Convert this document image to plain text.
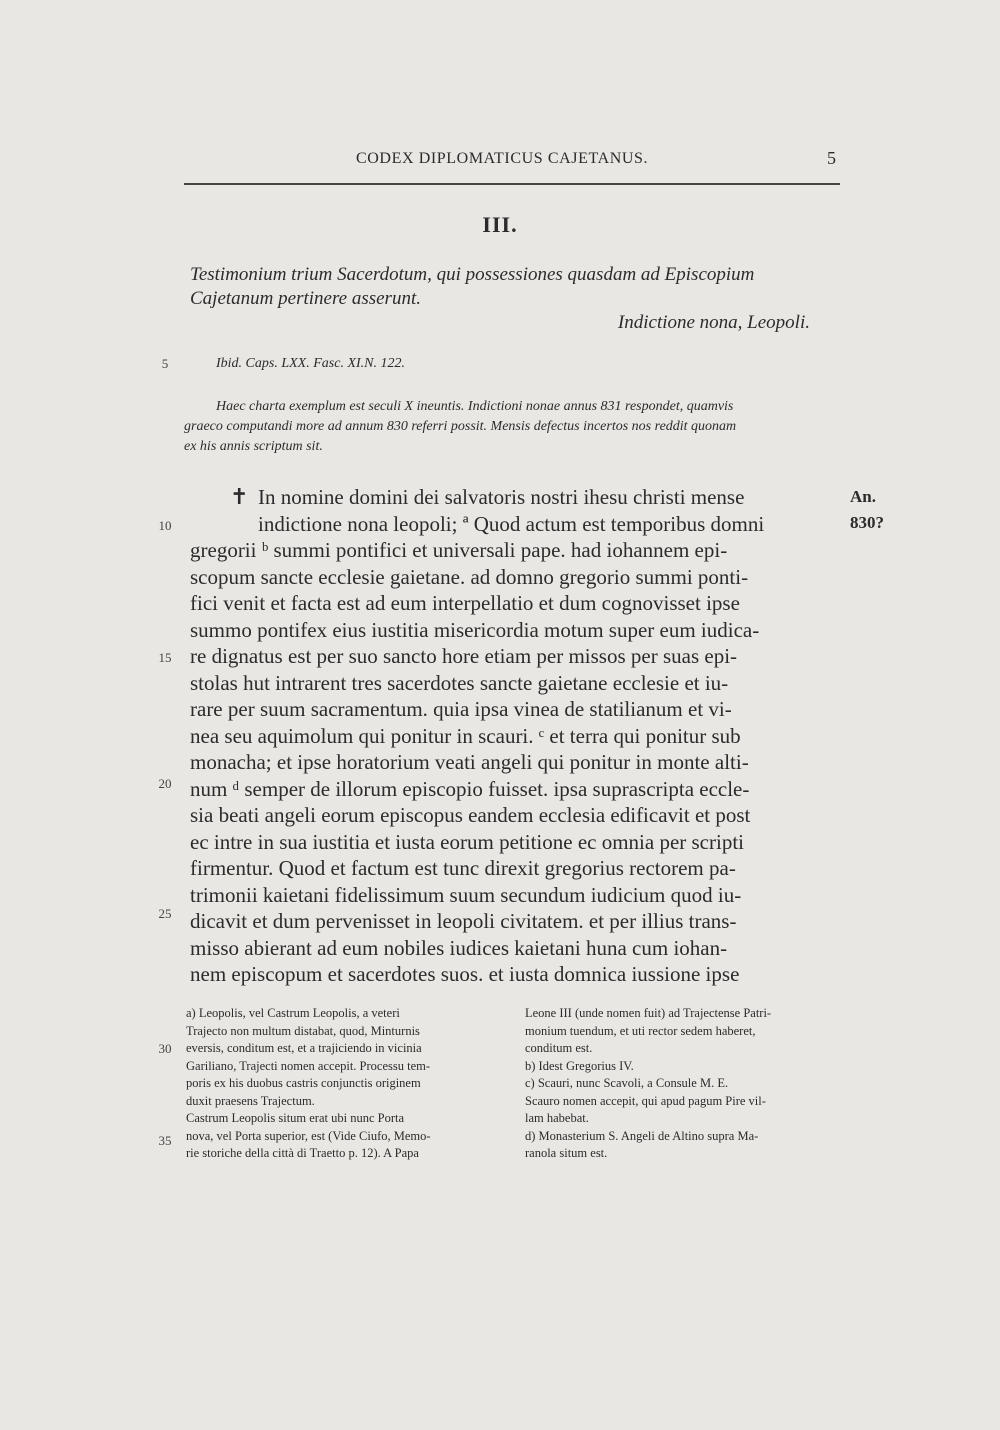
CODEX DIPLOMATICUS CAJETANUS.	5
III.
Testimonium trium Sacerdotum, qui possessiones quasdam ad Episcopium
Cajetanum pertinere asserunt.
Indictione nona, Leopoli.
5	Ibid. Caps. LXX. Fasc. XI.N. 122.
Haec charta exemplum est seculi X ineuntis. Indictioni nonae annus 831 respondet, quamvis
graeco computandi more ad annum 830 referri possit. Mensis defectus incertos nos reddit quonam
ex his annis scriptum sit.
✝	An.
830?
10
15
20
25
In nomine domini dei salvatoris nostri ihesu christi mense
indictione nona leopoli; ª Quod actum est temporibus domni
gregorii ᵇ summi pontifici et universali pape. had iohannem epi-
scopum sancte ecclesie gaietane. ad domno gregorio summi ponti-
fici venit et facta est ad eum interpellatio et dum cognovisset ipse
summo pontifex eius iustitia misericordia motum super eum iudica-
re dignatus est per suo sancto hore etiam per missos per suas epi-
stolas hut intrarent tres sacerdotes sancte gaietane ecclesie et iu-
rare per suum sacramentum. quia ipsa vinea de statilianum et vi-
nea seu aquimolum qui ponitur in scauri. ᶜ et terra qui ponitur sub
monacha; et ipse horatorium veati angeli qui ponitur in monte alti-
num ᵈ semper de illorum episcopio fuisset. ipsa suprascripta eccle-
sia beati angeli eorum episcopus eandem ecclesia edificavit et post
ec intre in sua iustitia et iusta eorum petitione ec omnia per scripti
firmentur. Quod et factum est tunc direxit gregorius rectorem pa-
trimonii kaietani fidelissimum suum secundum iudicium quod iu-
dicavit et dum pervenisset in leopoli civitatem. et per illius trans-
misso abierant ad eum nobiles iudices kaietani huna cum iohan-
nem episcopum et sacerdotes suos. et iusta domnica iussione ipse
30
35
a) Leopolis, vel Castrum Leopolis, a veteri
Trajecto non multum distabat, quod, Minturnis
eversis, conditum est, et a trajiciendo in vicinia
Gariliano, Trajecti nomen accepit. Processu tem-
poris ex his duobus castris conjunctis originem
duxit praesens Trajectum.
Castrum Leopolis situm erat ubi nunc Porta
nova, vel Porta superior, est (Vide Ciufo, Memo-
rie storiche della città di Traetto p. 12). A Papa
Leone III (unde nomen fuit) ad Trajectense Patri-
monium tuendum, et uti rector sedem haberet,
conditum est.
b) Idest Gregorius IV.
c) Scauri, nunc Scavoli, a Consule M. E.
Scauro nomen accepit, qui apud pagum Pire vil-
lam habebat.
d) Monasterium S. Angeli de Altino supra Ma-
ranola situm est.
